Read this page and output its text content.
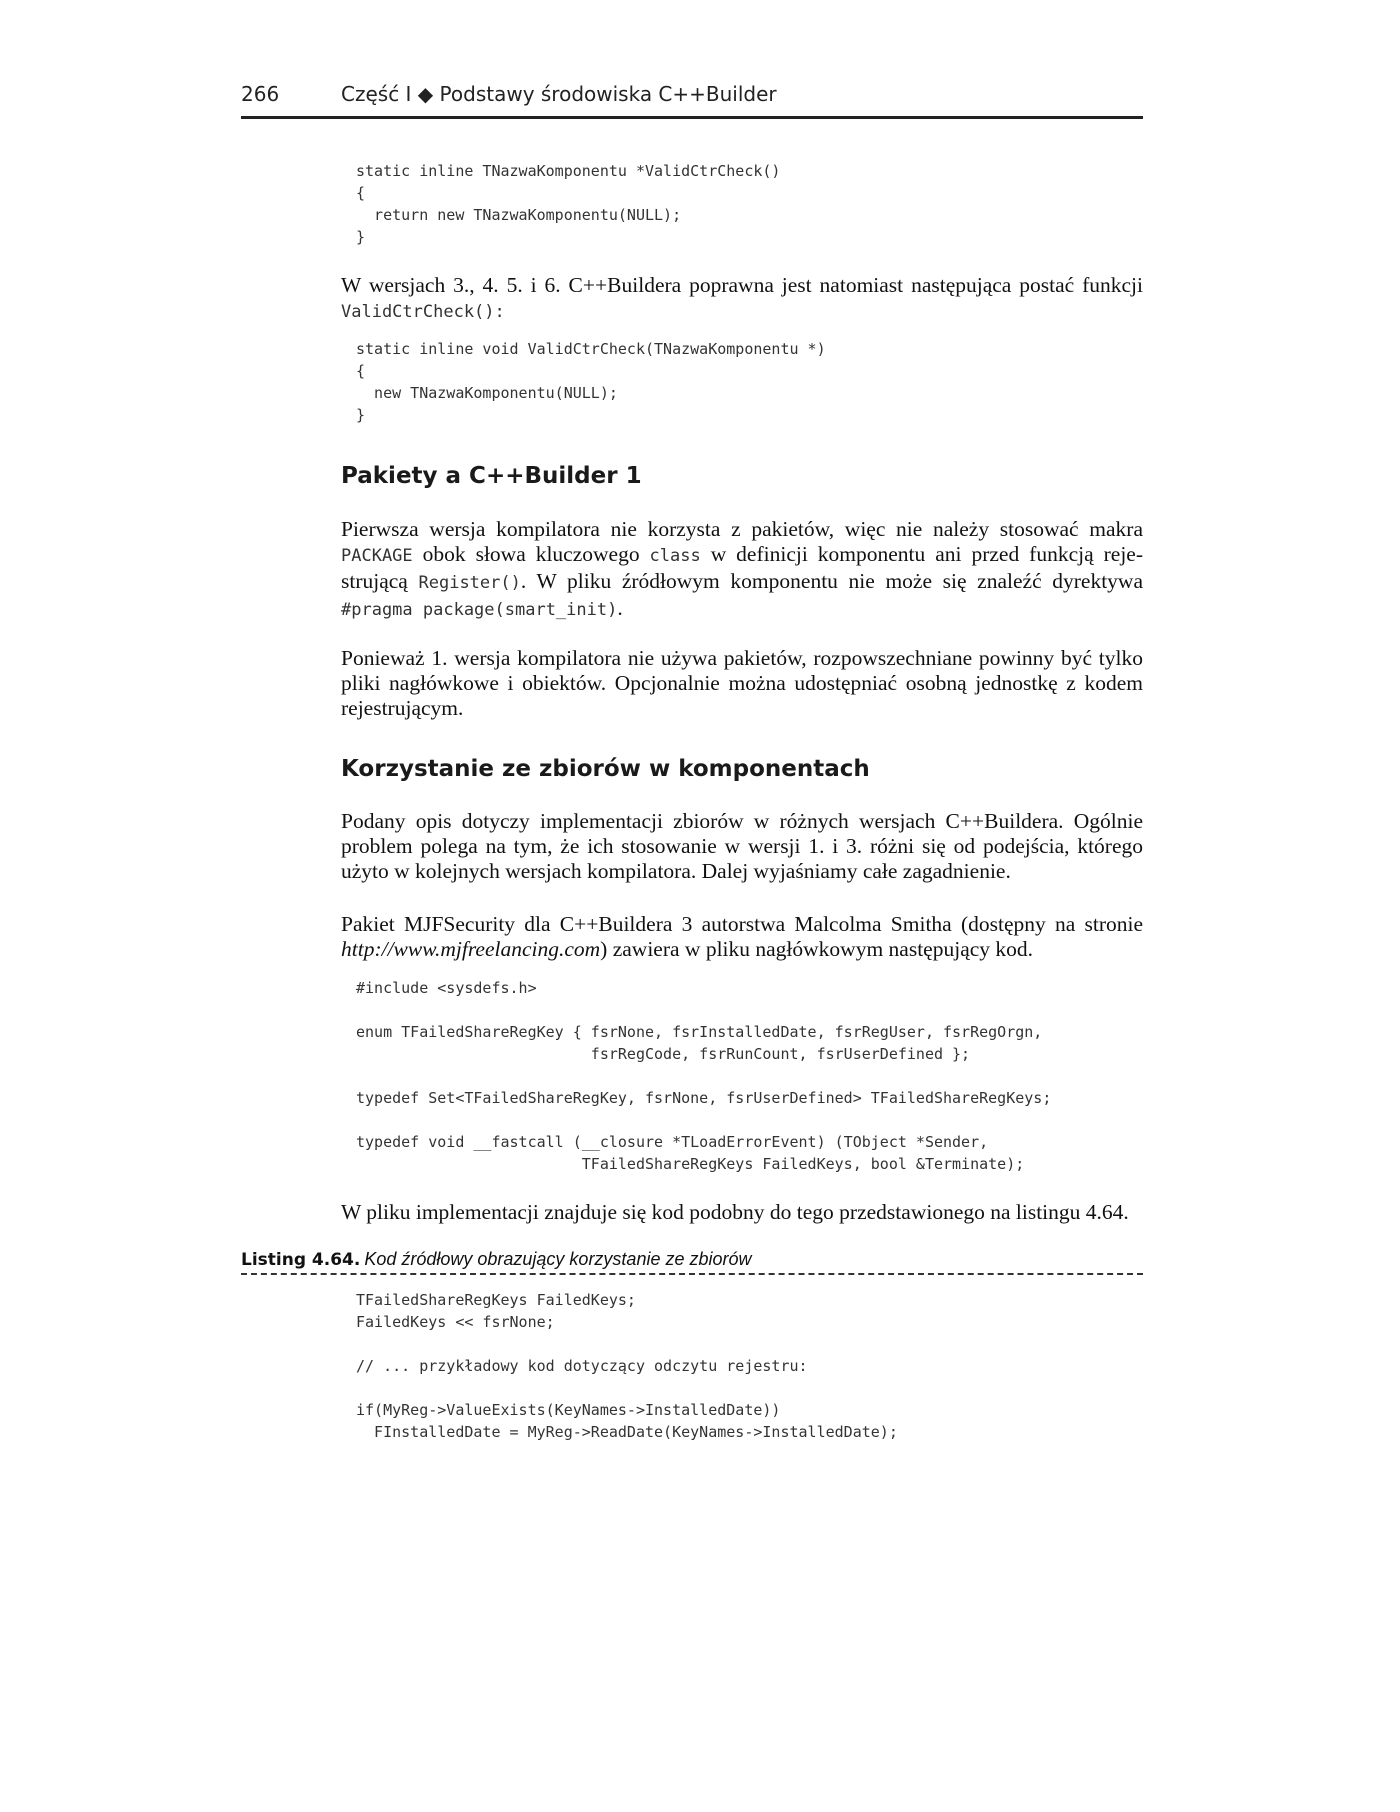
266	Część I ◆ Podstawy środowiska C++Builder
static inline TNazwaKomponentu *ValidCtrCheck()
{
return new TNazwaKomponentu(NULL);
}

W wersjach 3., 4. 5. i 6. C++Buildera poprawna jest natomiast następująca postać funkcji ValidCtrCheck():

static inline void ValidCtrCheck(TNazwaKomponentu *)
{
new TNazwaKomponentu(NULL);
}
Pakiety a C++Builder 1

Pierwsza wersja kompilatora nie korzysta z pakietów, więc nie należy stosować makra PACKAGE obok słowa kluczowego class w definicji komponentu ani przed funkcją reje-strującą Register(). W pliku źródłowym komponentu nie może się znaleźć dyrektywa #pragma package(smart_init).

Ponieważ 1. wersja kompilatora nie używa pakietów, rozpowszechniane powinny być tylko pliki nagłówkowe i obiektów. Opcjonalnie można udostępniać osobną jednostkę z kodem rejestrującym.

Korzystanie ze zbiorów w komponentach

Podany opis dotyczy implementacji zbiorów w różnych wersjach C++Buildera. Ogólnie problem polega na tym, że ich stosowanie w wersji 1. i 3. różni się od podejścia, którego użyto w kolejnych wersjach kompilatora. Dalej wyjaśniamy całe zagadnienie.

Pakiet MJFSecurity dla C++Buildera 3 autorstwa Malcolma Smitha (dostępny na stronie http://www.mjfreelancing.com) zawiera w pliku nagłówkowym następujący kod.

#include <sysdefs.h>
enum TFailedShareRegKey { fsrNone, fsrInstalledDate, fsrRegUser, fsrRegOrgn,
fsrRegCode, fsrRunCount, fsrUserDefined };
typedef Set<TFailedShareRegKey, fsrNone, fsrUserDefined> TFailedShareRegKeys;
typedef void __fastcall (__closure *TLoadErrorEvent) (TObject *Sender,
TFailedShareRegKeys FailedKeys, bool &Terminate);

W pliku implementacji znajduje się kod podobny do tego przedstawionego na listingu 4.64.

Listing 4.64. Kod źródłowy obrazujący korzystanie ze zbiorów
TFailedShareRegKeys FailedKeys;
FailedKeys << fsrNone;
// ... przykładowy kod dotyczący odczytu rejestru:
if(MyReg->ValueExists(KeyNames->InstalledDate))
FInstalledDate = MyReg->ReadDate(KeyNames->InstalledDate);
